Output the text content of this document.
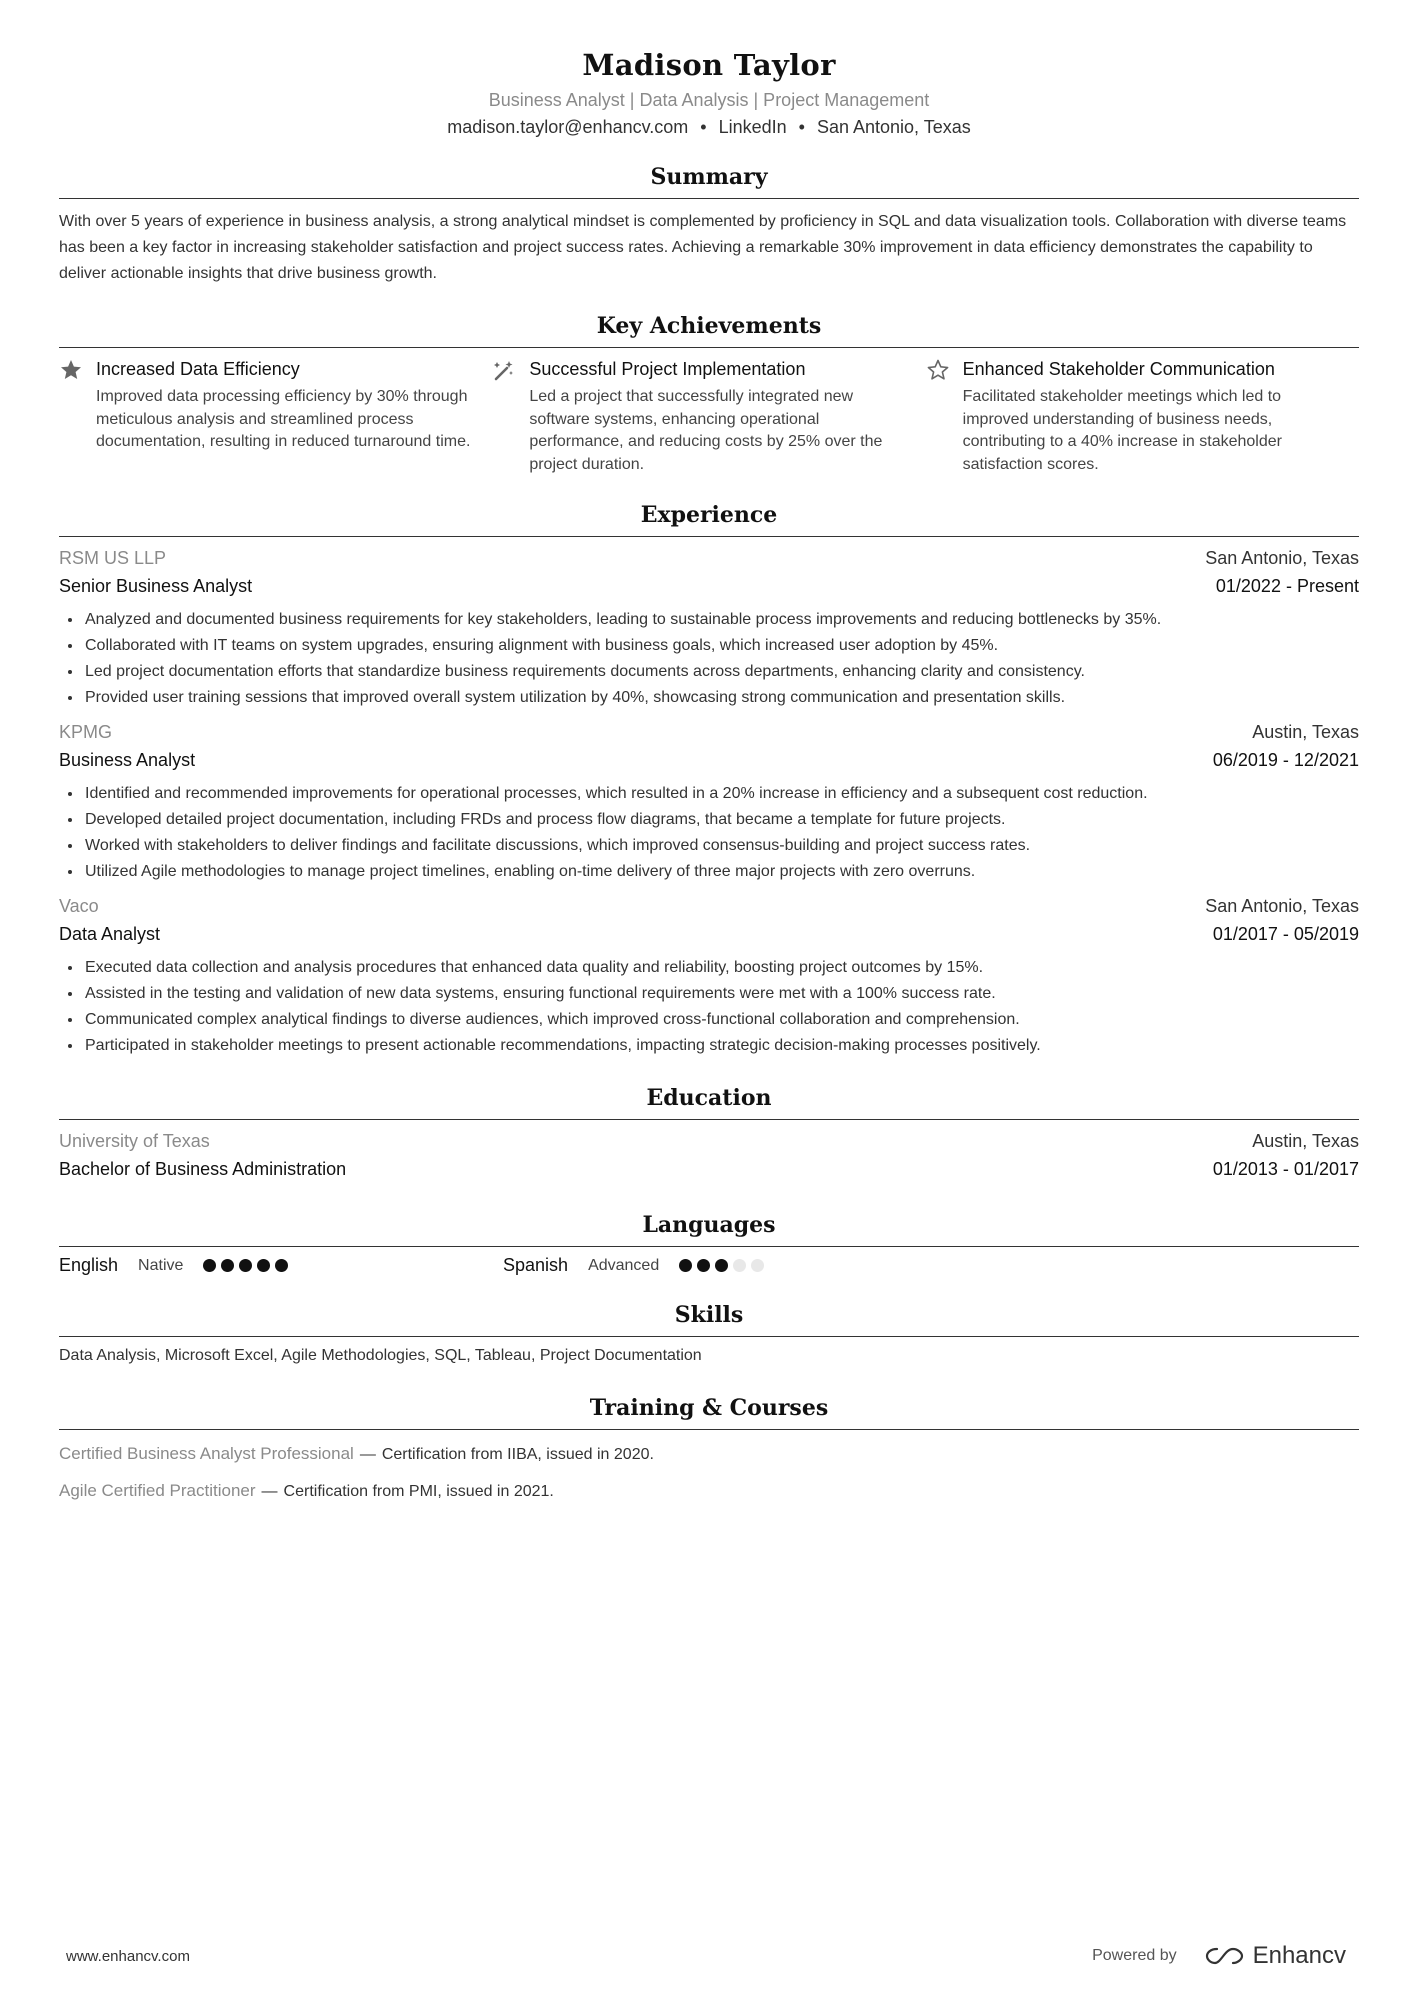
Madison Taylor
Business Analyst | Data Analysis | Project Management
madison.taylor@enhancv.com • LinkedIn • San Antonio, Texas
Summary
With over 5 years of experience in business analysis, a strong analytical mindset is complemented by proficiency in SQL and data visualization tools. Collaboration with diverse teams has been a key factor in increasing stakeholder satisfaction and project success rates. Achieving a remarkable 30% improvement in data efficiency demonstrates the capability to deliver actionable insights that drive business growth.
Key Achievements
Increased Data Efficiency
Improved data processing efficiency by 30% through meticulous analysis and streamlined process documentation, resulting in reduced turnaround time.
Successful Project Implementation
Led a project that successfully integrated new software systems, enhancing operational performance, and reducing costs by 25% over the project duration.
Enhanced Stakeholder Communication
Facilitated stakeholder meetings which led to improved understanding of business needs, contributing to a 40% increase in stakeholder satisfaction scores.
Experience
RSM US LLP	San Antonio, Texas
Senior Business Analyst	01/2022 - Present
• Analyzed and documented business requirements for key stakeholders, leading to sustainable process improvements and reducing bottlenecks by 35%.
• Collaborated with IT teams on system upgrades, ensuring alignment with business goals, which increased user adoption by 45%.
• Led project documentation efforts that standardize business requirements documents across departments, enhancing clarity and consistency.
• Provided user training sessions that improved overall system utilization by 40%, showcasing strong communication and presentation skills.
KPMG	Austin, Texas
Business Analyst	06/2019 - 12/2021
• Identified and recommended improvements for operational processes, which resulted in a 20% increase in efficiency and a subsequent cost reduction.
• Developed detailed project documentation, including FRDs and process flow diagrams, that became a template for future projects.
• Worked with stakeholders to deliver findings and facilitate discussions, which improved consensus-building and project success rates.
• Utilized Agile methodologies to manage project timelines, enabling on-time delivery of three major projects with zero overruns.
Vaco	San Antonio, Texas
Data Analyst	01/2017 - 05/2019
• Executed data collection and analysis procedures that enhanced data quality and reliability, boosting project outcomes by 15%.
• Assisted in the testing and validation of new data systems, ensuring functional requirements were met with a 100% success rate.
• Communicated complex analytical findings to diverse audiences, which improved cross-functional collaboration and comprehension.
• Participated in stakeholder meetings to present actionable recommendations, impacting strategic decision-making processes positively.
Education
University of Texas	Austin, Texas
Bachelor of Business Administration	01/2013 - 01/2017
Languages
English Native	Spanish Advanced
Skills
Data Analysis, Microsoft Excel, Agile Methodologies, SQL, Tableau, Project Documentation
Training & Courses
Certified Business Analyst Professional — Certification from IIBA, issued in 2020.
Agile Certified Practitioner — Certification from PMI, issued in 2021.
www.enhancv.com	Powered by	Enhancv
